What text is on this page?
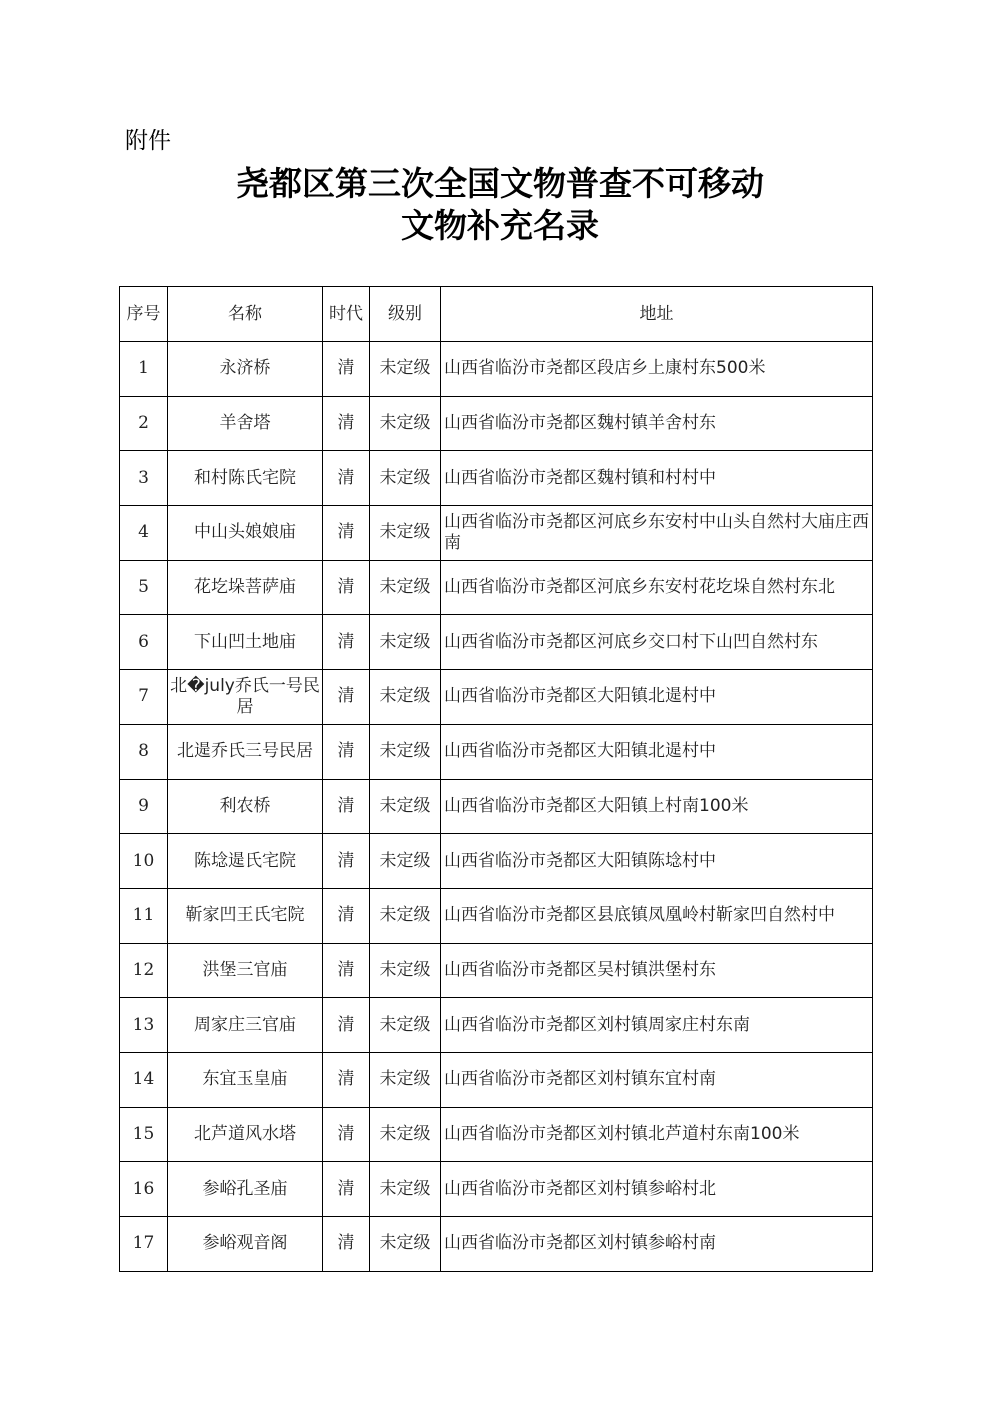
附件
尧都区第三次全国文物普查不可移动
文物补充名录
序号	名称	时代	级别	地址
1	永济桥	清	未定级	山西省临汾市尧都区段店乡上康村东500米
2	羊舍塔	清	未定级	山西省临汾市尧都区魏村镇羊舍村东
3	和村陈氏宅院	清	未定级	山西省临汾市尧都区魏村镇和村村中
4	中山头娘娘庙	清	未定级	山西省临汾市尧都区河底乡东安村中山头自然村大庙庄西南
5	花圪垛菩萨庙	清	未定级	山西省临汾市尧都区河底乡东安村花圪垛自然村东北
6	下山凹土地庙	清	未定级	山西省临汾市尧都区河底乡交口村下山凹自然村东
7	北�july乔氏一号民居	清	未定级	山西省临汾市尧都区大阳镇北遈村中
8	北遈乔氏三号民居	清	未定级	山西省临汾市尧都区大阳镇北遈村中
9	利农桥	清	未定级	山西省临汾市尧都区大阳镇上村南100米
10	陈埝遈氏宅院	清	未定级	山西省临汾市尧都区大阳镇陈埝村中
11	靳家凹王氏宅院	清	未定级	山西省临汾市尧都区县底镇凤凰岭村靳家凹自然村中
12	洪堡三官庙	清	未定级	山西省临汾市尧都区吴村镇洪堡村东
13	周家庄三官庙	清	未定级	山西省临汾市尧都区刘村镇周家庄村东南
14	东宜玉皇庙	清	未定级	山西省临汾市尧都区刘村镇东宜村南
15	北芦道风水塔	清	未定级	山西省临汾市尧都区刘村镇北芦道村东南100米
16	参峪孔圣庙	清	未定级	山西省临汾市尧都区刘村镇参峪村北
17	参峪观音阁	清	未定级	山西省临汾市尧都区刘村镇参峪村南
